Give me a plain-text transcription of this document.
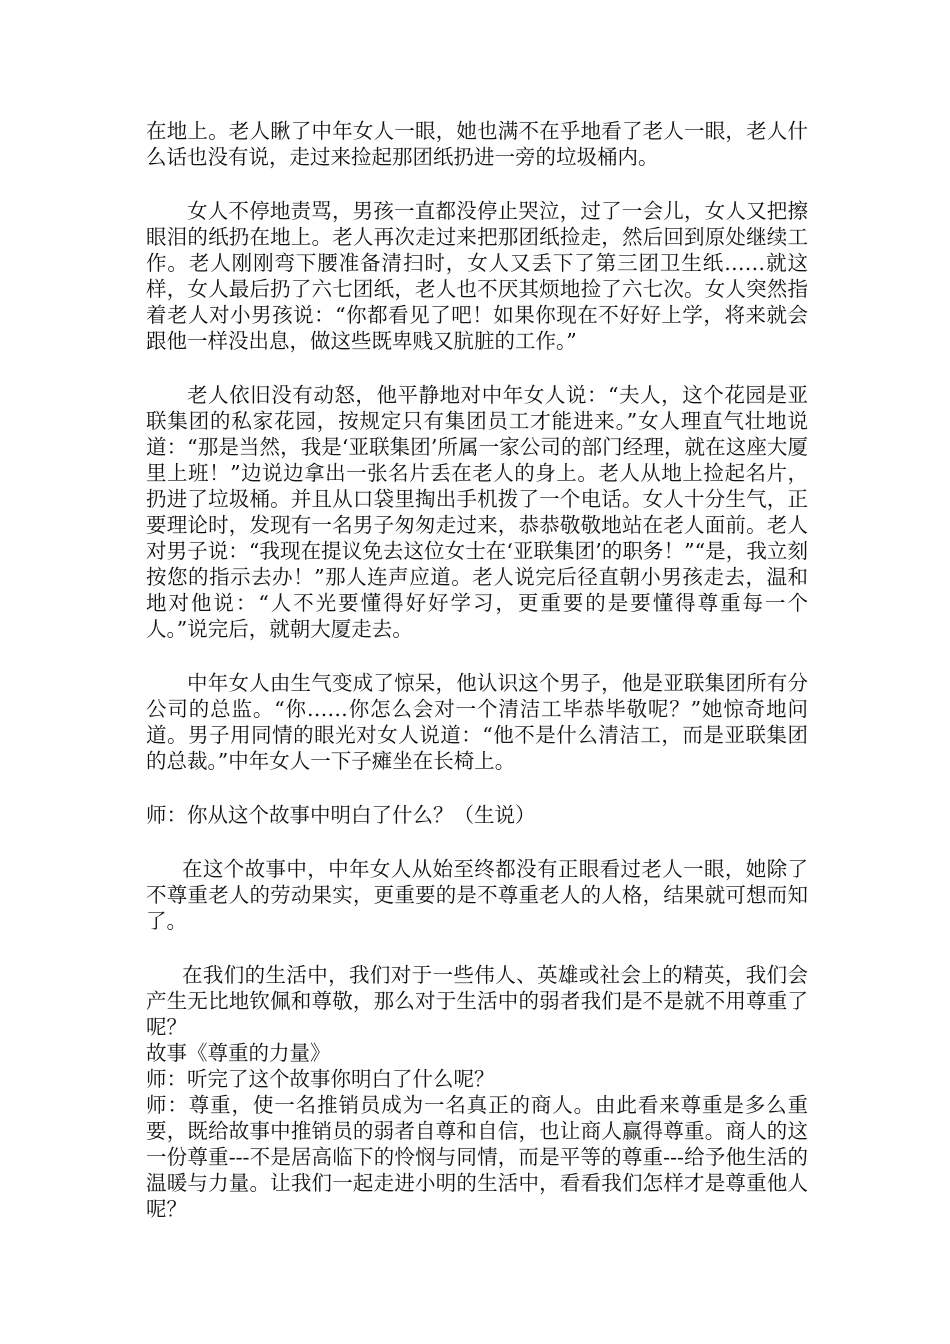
在地上。老人瞅了中年女人一眼，她也满不在乎地看了老人一眼，老人什么话也没有说，走过来捡起那团纸扔进一旁的垃圾桶内。

女人不停地责骂，男孩一直都没停止哭泣，过了一会儿，女人又把擦眼泪的纸扔在地上。老人再次走过来把那团纸捡走，然后回到原处继续工作。老人刚刚弯下腰准备清扫时，女人又丢下了第三团卫生纸……就这样，女人最后扔了六七团纸，老人也不厌其烦地捡了六七次。女人突然指着老人对小男孩说：“你都看见了吧！如果你现在不好好上学，将来就会跟他一样没出息，做这些既卑贱又肮脏的工作。”

老人依旧没有动怒，他平静地对中年女人说：“夫人，这个花园是亚联集团的私家花园，按规定只有集团员工才能进来。”女人理直气壮地说道：“那是当然，我是‘亚联集团’所属一家公司的部门经理，就在这座大厦里上班！”边说边拿出一张名片丢在老人的身上。老人从地上捡起名片，扔进了垃圾桶。并且从口袋里掏出手机拨了一个电话。女人十分生气，正要理论时，发现有一名男子匆匆走过来，恭恭敬敬地站在老人面前。老人对男子说：“我现在提议免去这位女士在‘亚联集团’的职务！”“是，我立刻按您的指示去办！”那人连声应道。老人说完后径直朝小男孩走去，温和地对他说：“人不光要懂得好好学习，更重要的是要懂得尊重每一个人。”说完后，就朝大厦走去。

中年女人由生气变成了惊呆，他认识这个男子，他是亚联集团所有分公司的总监。“你……你怎么会对一个清洁工毕恭毕敬呢？”她惊奇地问道。男子用同情的眼光对女人说道：“他不是什么清洁工，而是亚联集团的总裁。”中年女人一下子瘫坐在长椅上。

师：你从这个故事中明白了什么？（生说）

在这个故事中，中年女人从始至终都没有正眼看过老人一眼，她除了不尊重老人的劳动果实，更重要的是不尊重老人的人格，结果就可想而知了。

在我们的生活中，我们对于一些伟人、英雄或社会上的精英，我们会产生无比地钦佩和尊敬，那么对于生活中的弱者我们是不是就不用尊重了呢？

故事《尊重的力量》

师：听完了这个故事你明白了什么呢？

师：尊重，使一名推销员成为一名真正的商人。由此看来尊重是多么重要，既给故事中推销员的弱者自尊和自信，也让商人赢得尊重。商人的这一份尊重---不是居高临下的怜悯与同情，而是平等的尊重---给予他生活的温暖与力量。让我们一起走进小明的生活中，看看我们怎样才是尊重他人呢？
